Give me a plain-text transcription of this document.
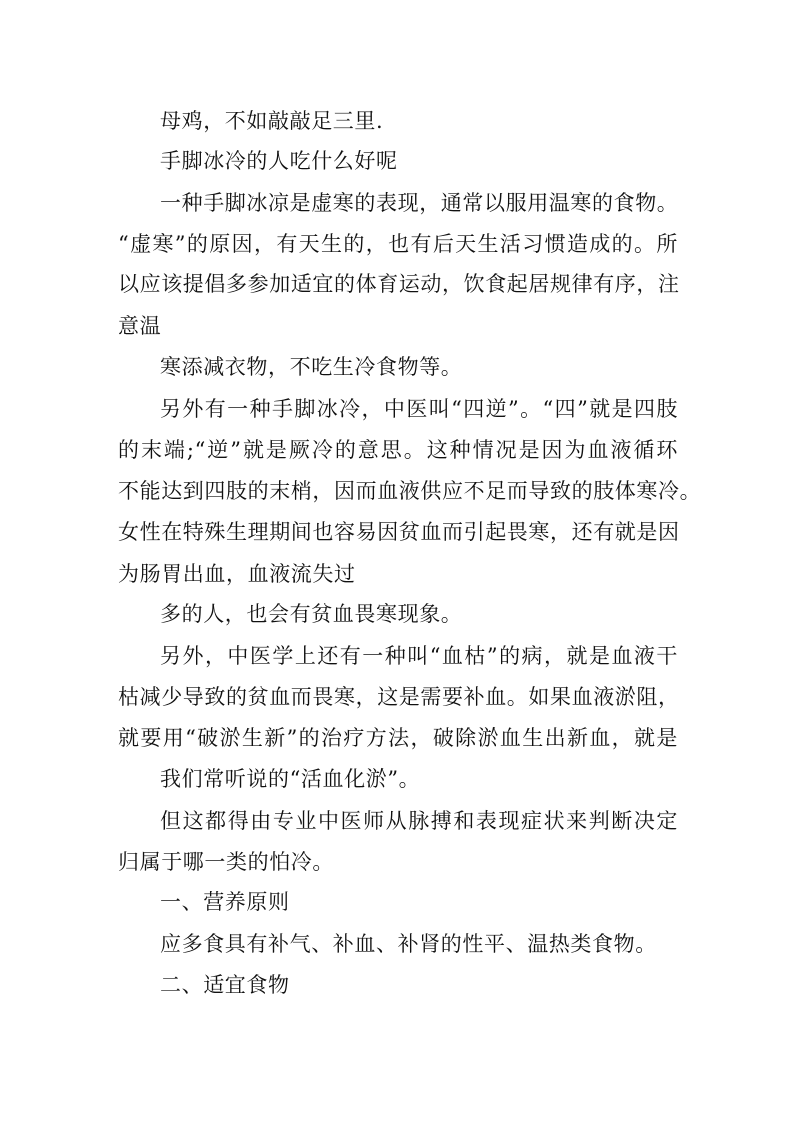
母鸡，不如敲敲足三里.
手脚冰冷的人吃什么好呢
一种手脚冰凉是虚寒的表现，通常以服用温寒的食物。
“虚寒”的原因，有天生的，也有后天生活习惯造成的。所
以应该提倡多参加适宜的体育运动，饮食起居规律有序，注
意温
寒添减衣物，不吃生冷食物等。
另外有一种手脚冰冷，中医叫“四逆”。“四”就是四肢
的末端;“逆”就是厥冷的意思。这种情况是因为血液循环
不能达到四肢的末梢，因而血液供应不足而导致的肢体寒冷。
女性在特殊生理期间也容易因贫血而引起畏寒，还有就是因
为肠胃出血，血液流失过
多的人，也会有贫血畏寒现象。
另外，中医学上还有一种叫“血枯”的病，就是血液干
枯减少导致的贫血而畏寒，这是需要补血。如果血液淤阻，
就要用“破淤生新”的治疗方法，破除淤血生出新血，就是
我们常听说的“活血化淤”。
但这都得由专业中医师从脉搏和表现症状来判断决定
归属于哪一类的怕冷。
一、营养原则
应多食具有补气、补血、补肾的性平、温热类食物。
二、适宜食物
